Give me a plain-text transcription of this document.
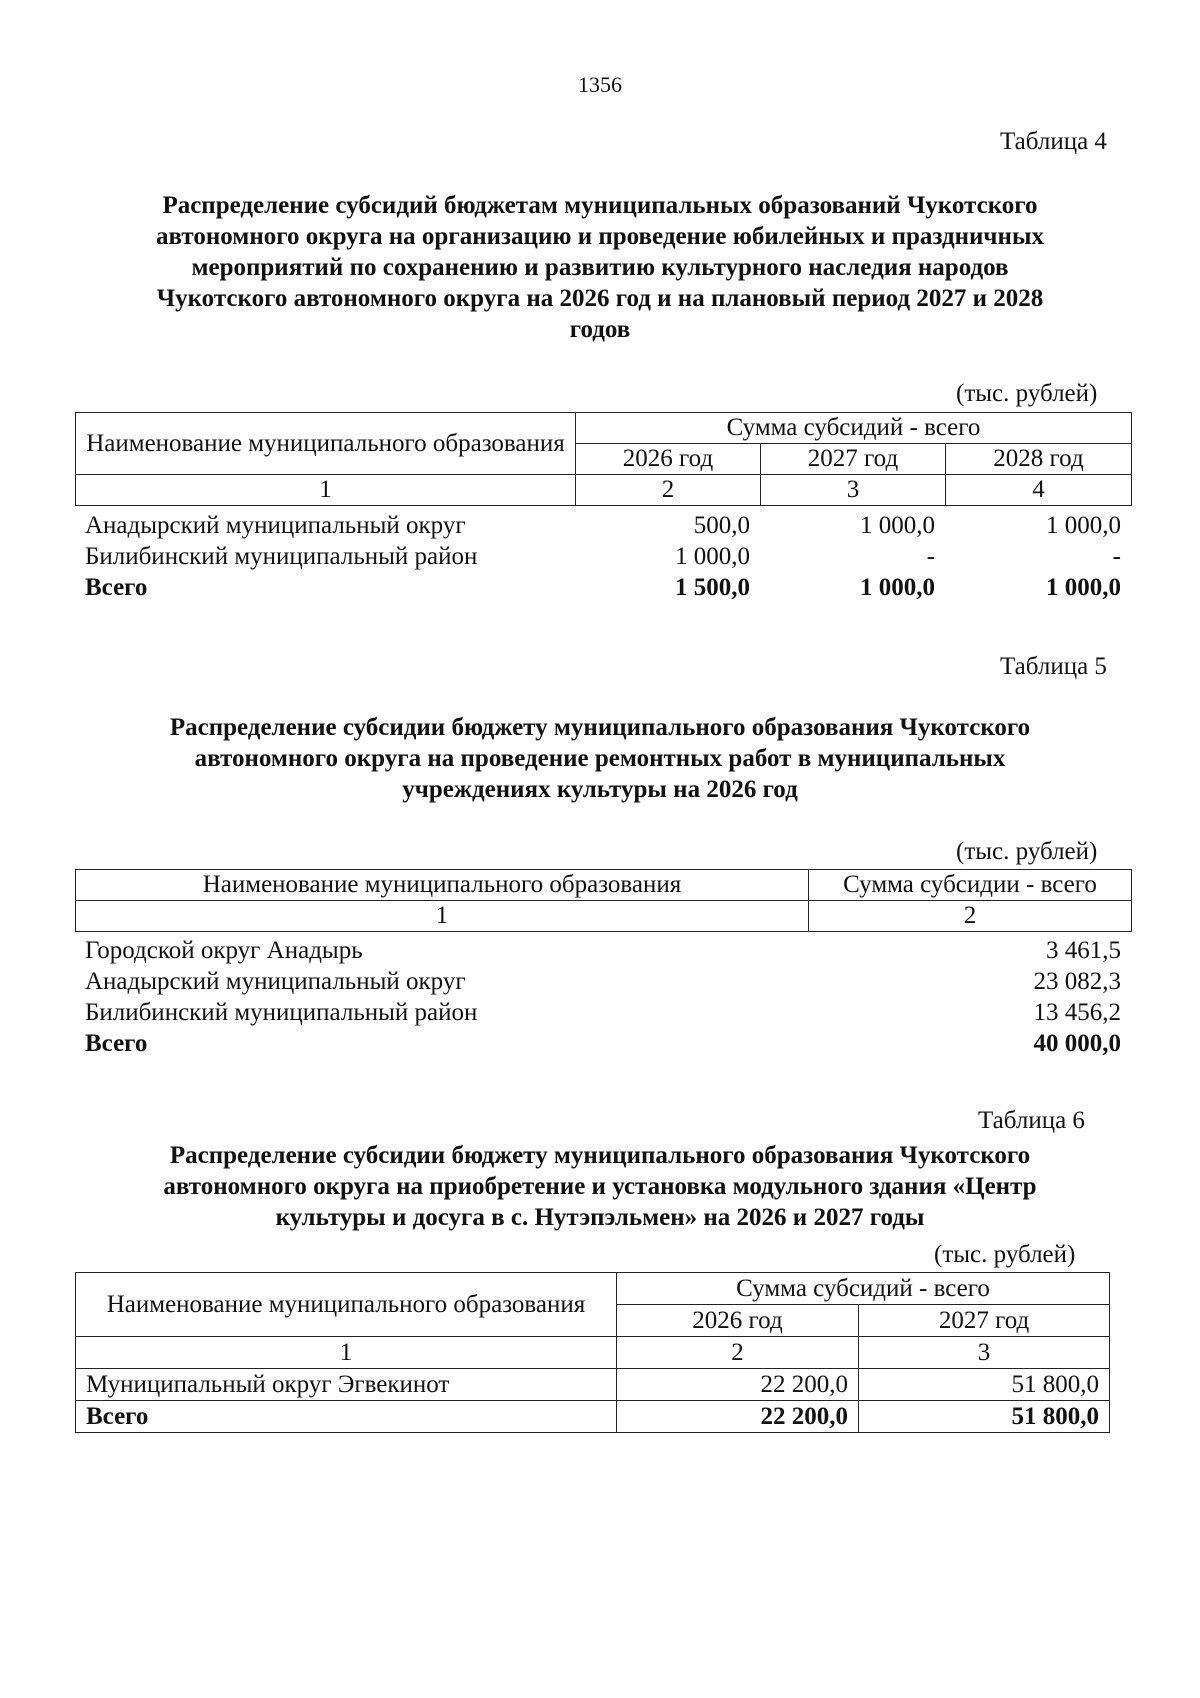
1356
Таблица 4
Распределение субсидий бюджетам муниципальных образований Чукотского
автономного округа на организацию и проведение юбилейных и праздничных
мероприятий по сохранению и развитию культурного наследия народов
Чукотского автономного округа на 2026 год и на плановый период 2027 и 2028
годов
(тыс. рублей)
Наименование муниципального образования	Сумма субсидий - всего		
	2026 год	2027 год	2028 год
1	2	3	4
Анадырский муниципальный округ	500,0	1 000,0	1 000,0
Билибинский муниципальный район	1 000,0	-	-
Всего	1 500,0	1 000,0	1 000,0
Таблица 5
Распределение субсидии бюджету муниципального образования Чукотского
автономного округа на проведение ремонтных работ в муниципальных
учреждениях культуры на 2026 год
(тыс. рублей)
Наименование муниципального образования	Сумма субсидии - всего
1	2
Городской округ Анадырь	3 461,5
Анадырский муниципальный округ	23 082,3
Билибинский муниципальный район	13 456,2
Всего	40 000,0
Таблица 6
Распределение субсидии бюджету муниципального образования Чукотского
автономного округа на приобретение и установка модульного здания «Центр
культуры и досуга в с. Нутэпэльмен» на 2026 и 2027 годы
(тыс. рублей)
Наименование муниципального образования	Сумма субсидий - всего	
	2026 год	2027 год
1	2	3
Муниципальный округ Эгвекинот	22 200,0	51 800,0
Всего	22 200,0	51 800,0
